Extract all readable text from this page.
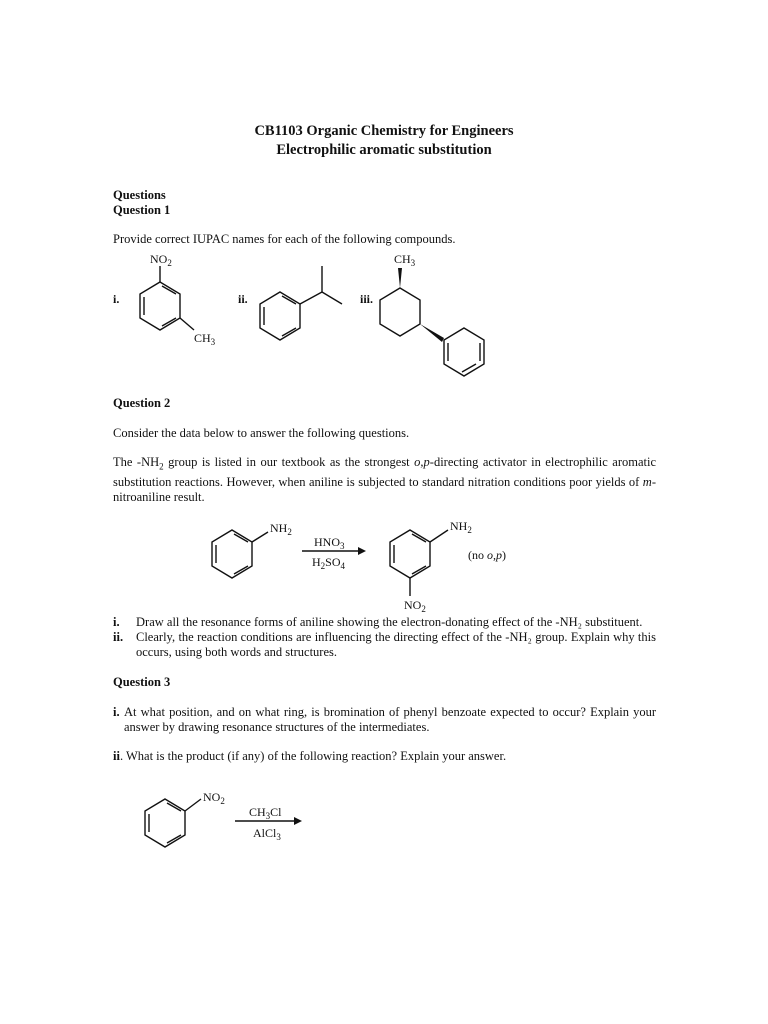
CB1103 Organic Chemistry for Engineers
Electrophilic aromatic substitution
Questions
Question 1
Provide correct IUPAC names for each of the following compounds.
i.	ii.	iii.
$NO_2$
$CH_3$
$CH_3$
Question 2
Consider the data below to answer the following questions.
The $-NH_2$ group is listed in our textbook as the strongest o,p-directing activator in electrophilic aromatic substitution reactions. However, when aniline is subjected to standard nitration conditions poor yields of m-nitroaniline result.
$NH_2$
$HNO_3$
$H_2SO_4$
$NH_2$
$NO_2$
(no o,p)
i. Draw all the resonance forms of aniline showing the electron-donating effect of the -NH₂ substituent.
ii. Clearly, the reaction conditions are influencing the directing effect of the -NH₂ group. Explain why this occurs, using both words and structures.
Question 3
i. At what position, and on what ring, is bromination of phenyl benzoate expected to occur? Explain your answer by drawing resonance structures of the intermediates.
ii. What is the product (if any) of the following reaction? Explain your answer.
$NO_2$
$CH_3Cl$
AlCl$_3$
